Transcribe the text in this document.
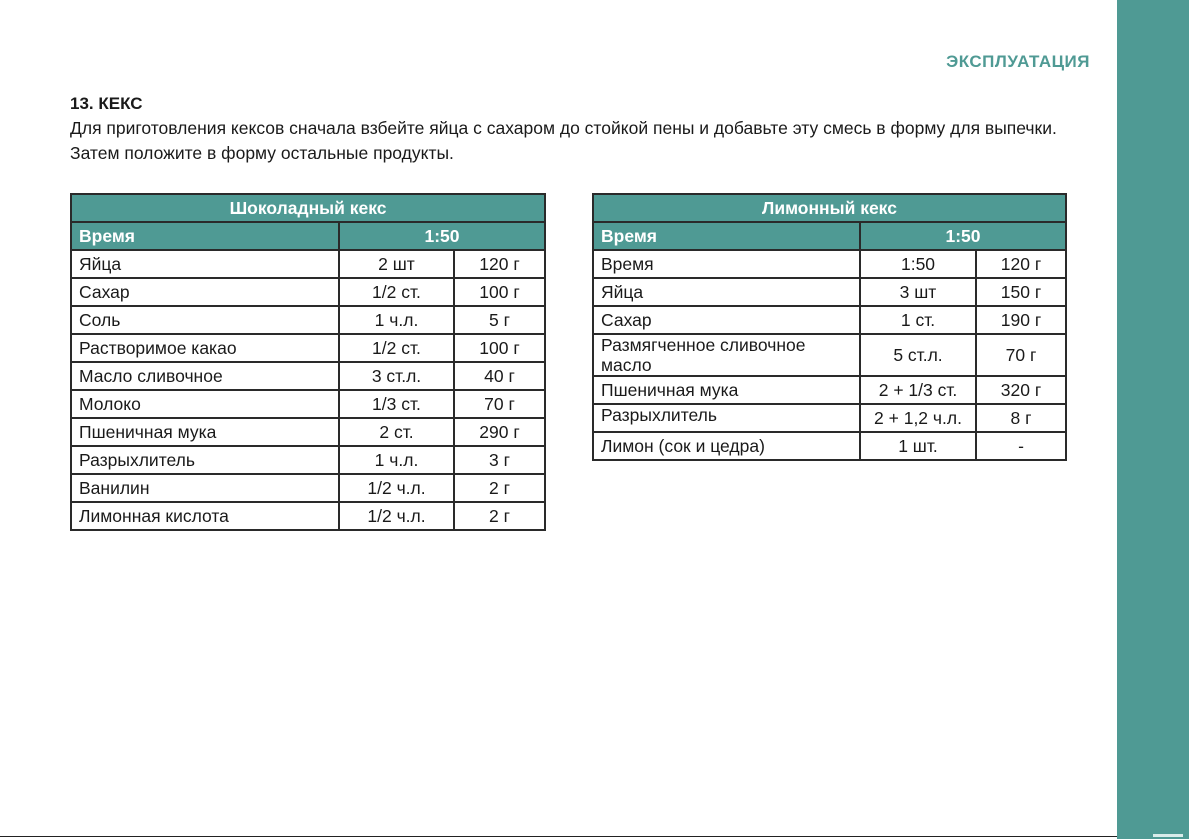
ЭКСПЛУАТАЦИЯ
13. КЕКС

Для приготовления кексов сначала взбейте яйца с сахаром до стойкой пены и добавьте эту смесь в форму для выпечки. Затем положите в форму остальные продукты.

Шоколадный кекс		
Время	1:50	
Яйца	2 шт	120 г
Сахар	1/2 ст.	100 г
Соль	1 ч.л.	5 г
Растворимое какао	1/2 ст.	100 г
Масло сливочное	3 ст.л.	40 г
Молоко	1/3 ст.	70 г
Пшеничная мука	2 ст.	290 г
Разрыхлитель	1 ч.л.	3 г
Ванилин	1/2 ч.л.	2 г
Лимонная кислота	1/2 ч.л.	2 г
Лимонный кекс		
Время	1:50	
Время	1:50	120 г
Яйца	3 шт	150 г
Сахар	1 ст.	190 г
Размягченное сливочное масло	5 ст.л.	70 г
Пшеничная мука	2 + 1/3 ст.	320 г
Разрыхлитель	2 + 1,2 ч.л.	8 г
Лимон (сок и цедра)	1 шт.	-
